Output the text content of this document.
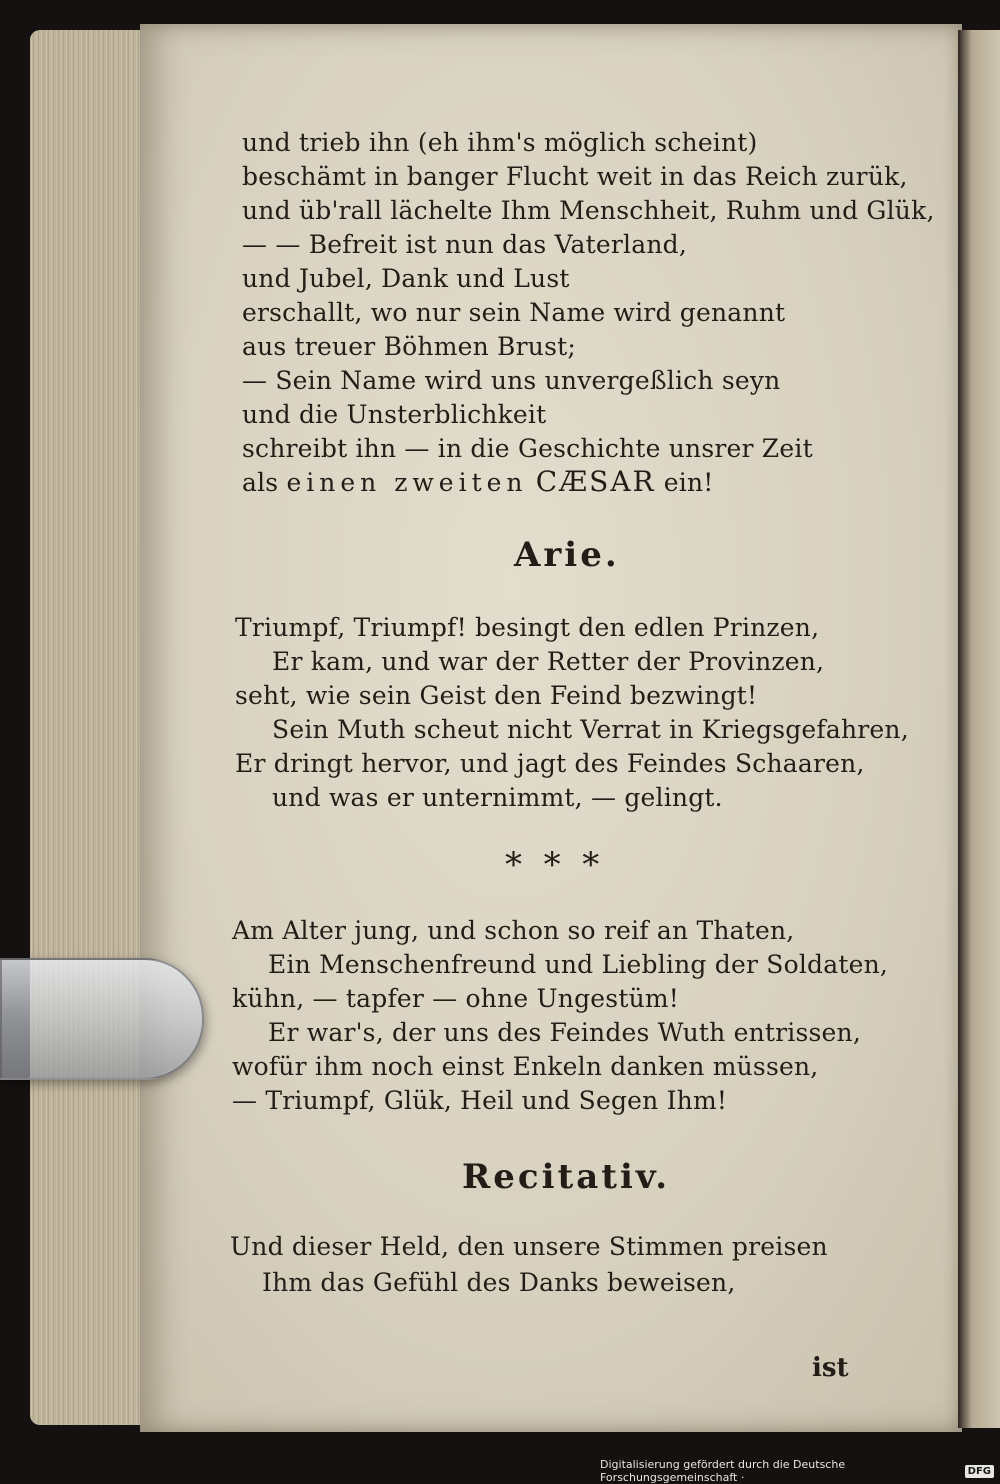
und trieb ihn (eh ihm's möglich scheint)
beschämt in banger Flucht weit in das Reich zurük,
und üb'rall lächelte Ihm Menschheit, Ruhm und Glük,
— — Befreit ist nun das Vaterland,
und Jubel, Dank und Lust
erschallt, wo nur sein Name wird genannt
aus treuer Böhmen Brust;
— Sein Name wird uns unvergeßlich seyn
und die Unsterblichkeit
schreibt ihn — in die Geschichte unsrer Zeit
als einen zweiten CÆSAR ein!
Arie.
Triumpf, Triumpf! besingt den edlen Prinzen,
Er kam, und war der Retter der Provinzen,
seht, wie sein Geist den Feind bezwingt!
Sein Muth scheut nicht Verrat in Kriegsgefahren,
Er dringt hervor, und jagt des Feindes Schaaren,
und was er unternimmt, — gelingt.
*  *  *
Am Alter jung, und schon so reif an Thaten,
Ein Menschenfreund und Liebling der Soldaten,
kühn, — tapfer — ohne Ungestüm!
Er war's, der uns des Feindes Wuth entrissen,
wofür ihm noch einst Enkeln danken müssen,
— Triumpf, Glük, Heil und Segen Ihm!
Recitativ.
Und dieser Held, den unsere Stimmen preisen
Ihm das Gefühl des Danks beweisen,
ist
Digitalisierung gefördert durch die Deutsche Forschungsgemeinschaft ·	DFG
